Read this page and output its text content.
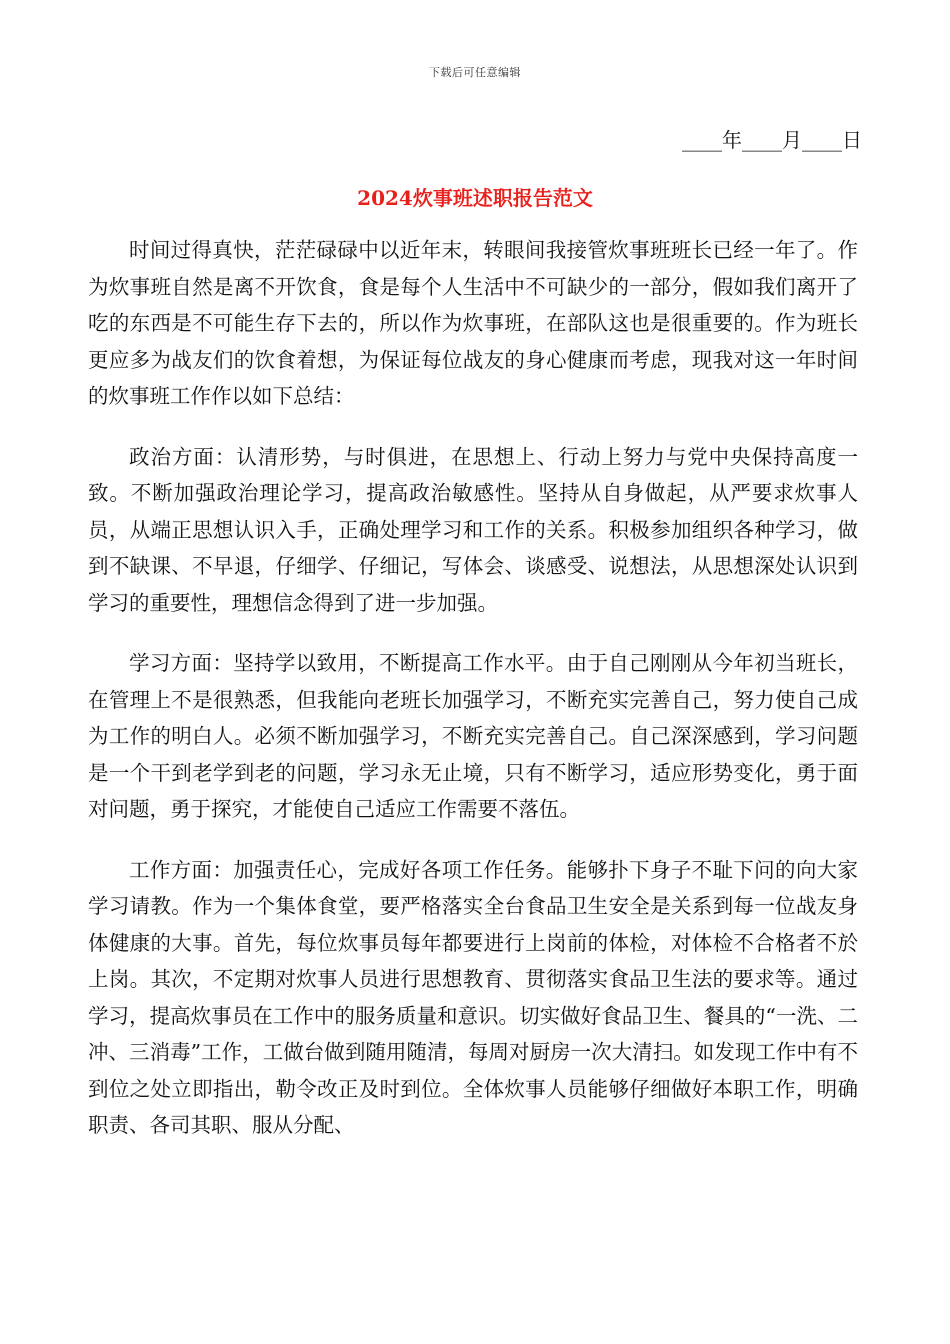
下载后可任意编辑
____年____月____日
2024炊事班述职报告范文

时间过得真快，茫茫碌碌中以近年末，转眼间我接管炊事班班长已经一年了。作为炊事班自然是离不开饮食，食是每个人生活中不可缺少的一部分，假如我们离开了吃的东西是不可能生存下去的，所以作为炊事班，在部队这也是很重要的。作为班长更应多为战友们的饮食着想，为保证每位战友的身心健康而考虑，现我对这一年时间的炊事班工作作以如下总结：

政治方面：认清形势，与时俱进，在思想上、行动上努力与党中央保持高度一致。不断加强政治理论学习，提高政治敏感性。坚持从自身做起，从严要求炊事人员，从端正思想认识入手，正确处理学习和工作的关系。积极参加组织各种学习，做到不缺课、不早退，仔细学、仔细记，写体会、谈感受、说想法，从思想深处认识到学习的重要性，理想信念得到了进一步加强。

学习方面：坚持学以致用，不断提高工作水平。由于自己刚刚从今年初当班长，在管理上不是很熟悉，但我能向老班长加强学习，不断充实完善自己，努力使自己成为工作的明白人。必须不断加强学习，不断充实完善自己。自己深深感到，学习问题是一个干到老学到老的问题，学习永无止境，只有不断学习，适应形势变化，勇于面对问题，勇于探究，才能使自己适应工作需要不落伍。

工作方面：加强责任心，完成好各项工作任务。能够扑下身子不耻下问的向大家学习请教。作为一个集体食堂，要严格落实全台食品卫生安全是关系到每一位战友身体健康的大事。首先，每位炊事员每年都要进行上岗前的体检，对体检不合格者不於上岗。其次，不定期对炊事人员进行思想教育、贯彻落实食品卫生法的要求等。通过学习，提高炊事员在工作中的服务质量和意识。切实做好食品卫生、餐具的“一洗、二冲、三消毒”工作，工做台做到随用随清，每周对厨房一次大清扫。如发现工作中有不到位之处立即指出，勒令改正及时到位。全体炊事人员能够仔细做好本职工作，明确职责、各司其职、服从分配、
